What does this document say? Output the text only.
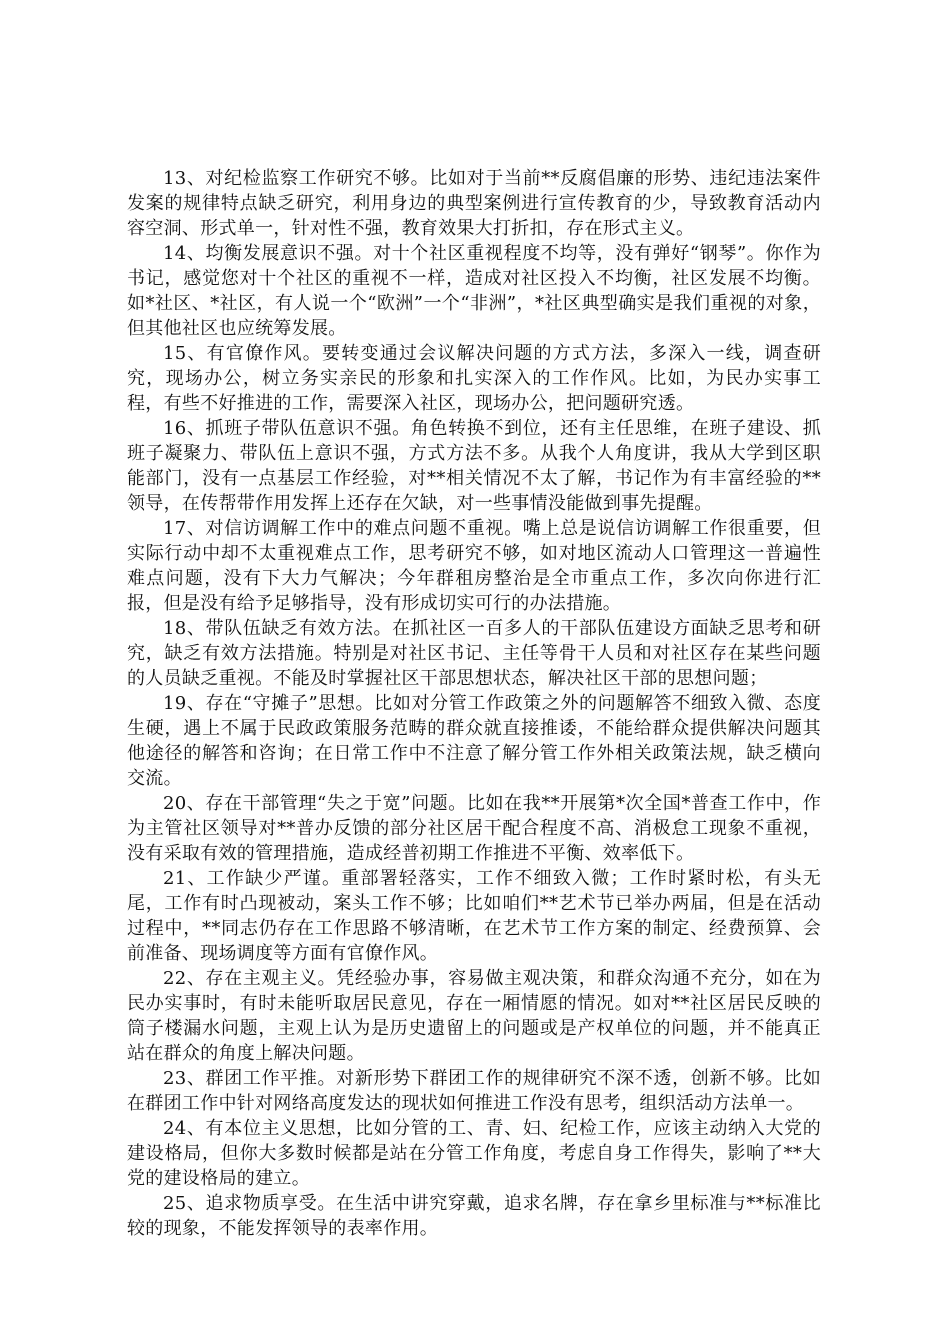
13、对纪检监察工作研究不够。比如对于当前**反腐倡廉的形势、违纪违法案件发案的规律特点缺乏研究，利用身边的典型案例进行宣传教育的少，导致教育活动内容空洞、形式单一，针对性不强，教育效果大打折扣，存在形式主义。

14、均衡发展意识不强。对十个社区重视程度不均等，没有弹好“钢琴”。你作为书记，感觉您对十个社区的重视不一样，造成对社区投入不均衡，社区发展不均衡。如*社区、*社区，有人说一个“欧洲”一个“非洲”，*社区典型确实是我们重视的对象，但其他社区也应统筹发展。

15、有官僚作风。要转变通过会议解决问题的方式方法，多深入一线，调查研究，现场办公，树立务实亲民的形象和扎实深入的工作作风。比如，为民办实事工程，有些不好推进的工作，需要深入社区，现场办公，把问题研究透。

16、抓班子带队伍意识不强。角色转换不到位，还有主任思维，在班子建设、抓班子凝聚力、带队伍上意识不强，方式方法不多。从我个人角度讲，我从大学到区职能部门，没有一点基层工作经验，对**相关情况不太了解，书记作为有丰富经验的**领导，在传帮带作用发挥上还存在欠缺，对一些事情没能做到事先提醒。

17、对信访调解工作中的难点问题不重视。嘴上总是说信访调解工作很重要，但实际行动中却不太重视难点工作，思考研究不够，如对地区流动人口管理这一普遍性难点问题，没有下大力气解决；今年群租房整治是全市重点工作，多次向你进行汇报，但是没有给予足够指导，没有形成切实可行的办法措施。

18、带队伍缺乏有效方法。在抓社区一百多人的干部队伍建设方面缺乏思考和研究，缺乏有效方法措施。特别是对社区书记、主任等骨干人员和对社区存在某些问题的人员缺乏重视。不能及时掌握社区干部思想状态，解决社区干部的思想问题；

19、存在“守摊子”思想。比如对分管工作政策之外的问题解答不细致入微、态度生硬，遇上不属于民政政策服务范畴的群众就直接推诿，不能给群众提供解决问题其他途径的解答和咨询；在日常工作中不注意了解分管工作外相关政策法规，缺乏横向交流。

20、存在干部管理“失之于宽”问题。比如在我**开展第*次全国*普查工作中，作为主管社区领导对**普办反馈的部分社区居干配合程度不高、消极怠工现象不重视，没有采取有效的管理措施，造成经普初期工作推进不平衡、效率低下。

21、工作缺少严谨。重部署轻落实，工作不细致入微；工作时紧时松，有头无尾，工作有时凸现被动，案头工作不够；比如咱们**艺术节已举办两届，但是在活动过程中，**同志仍存在工作思路不够清晰，在艺术节工作方案的制定、经费预算、会前准备、现场调度等方面有官僚作风。

22、存在主观主义。凭经验办事，容易做主观决策，和群众沟通不充分，如在为民办实事时，有时未能听取居民意见，存在一厢情愿的情况。如对**社区居民反映的筒子楼漏水问题，主观上认为是历史遗留上的问题或是产权单位的问题，并不能真正站在群众的角度上解决问题。

23、群团工作平推。对新形势下群团工作的规律研究不深不透，创新不够。比如在群团工作中针对网络高度发达的现状如何推进工作没有思考，组织活动方法单一。

24、有本位主义思想，比如分管的工、青、妇、纪检工作，应该主动纳入大党的建设格局，但你大多数时候都是站在分管工作角度，考虑自身工作得失，影响了**大党的建设格局的建立。

25、追求物质享受。在生活中讲究穿戴，追求名牌，存在拿乡里标准与**标准比较的现象，不能发挥领导的表率作用。
